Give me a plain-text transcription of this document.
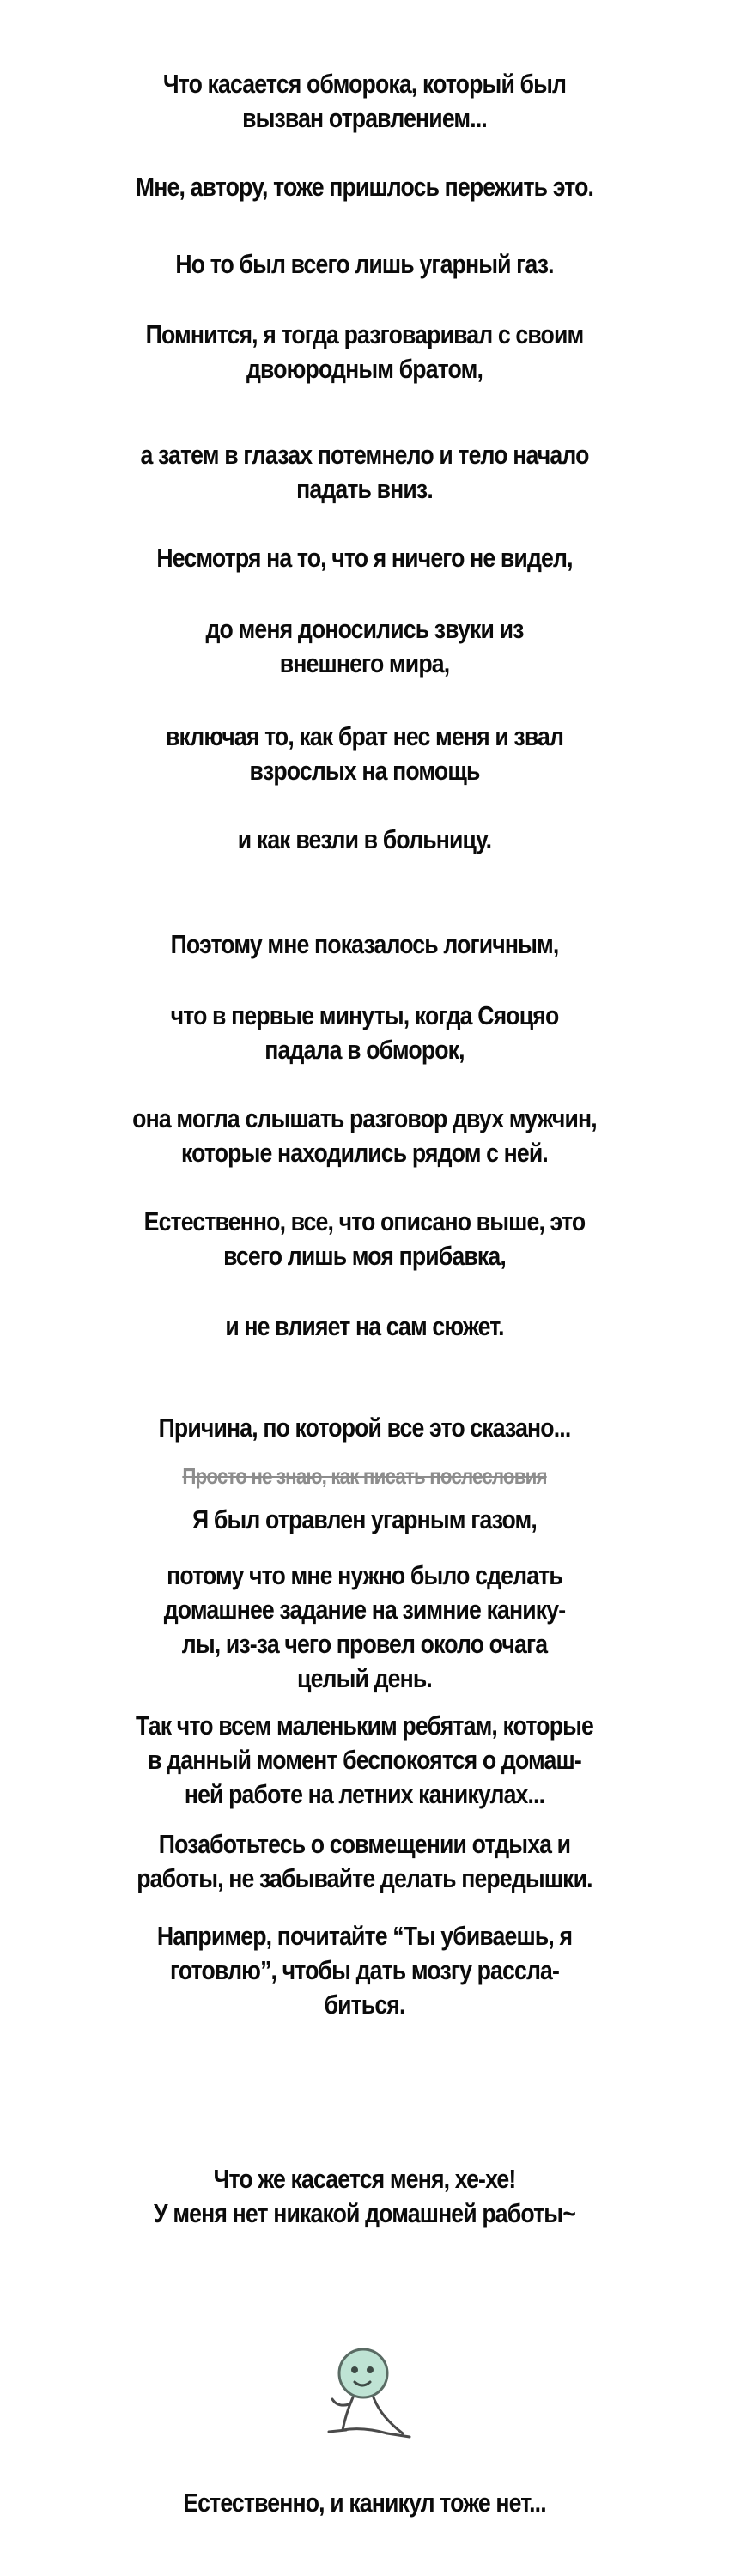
Что касается обморока, который был
вызван отравлением...
Мне, автору, тоже пришлось пережить это.
Но то был всего лишь угарный газ.
Помнится, я тогда разговаривал с своим
двоюродным братом,
а затем в глазах потемнело и тело начало
падать вниз.
Несмотря на то, что я ничего не видел,
до меня доносились звуки из
внешнего мира,
включая то, как брат нес меня и звал
взрослых на помощь
и как везли в больницу.
Поэтому мне показалось логичным,
что в первые минуты, когда Сяоцяо
падала в обморок,
она могла слышать разговор двух мужчин,
которые находились рядом с ней.
Естественно, все, что описано выше, это
всего лишь моя прибавка,
и не влияет на сам сюжет.
Причина, по которой все это сказано...
Просто не знаю, как писать послесловия
Я был отравлен угарным газом,
потому что мне нужно было сделать
домашнее задание на зимние канику-
лы, из-за чего провел около очага
целый день.
Так что всем маленьким ребятам, которые
в данный момент беспокоятся о домаш-
ней работе на летних каникулах...
Позаботьтесь о совмещении отдыха и
работы, не забывайте делать передышки.
Например, почитайте “Ты убиваешь, я
готовлю”, чтобы дать мозгу рассла-
биться.
Что же касается меня, хе-хе!
У меня нет никакой домашней работы~
Естественно, и каникул тоже нет...
